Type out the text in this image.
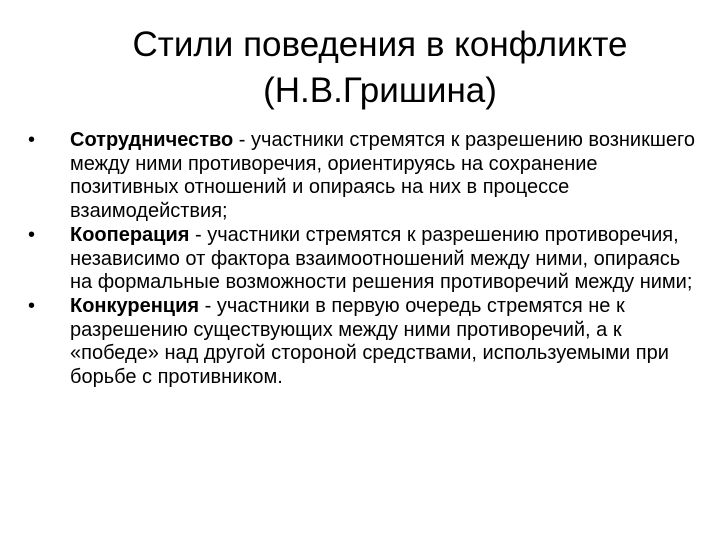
Стили поведения в конфликте
(Н.В.Гришина)
•	Сотрудничество - участники стремятся к разрешению возникшего между ними противоречия, ориентируясь на сохранение позитивных отношений и опираясь на них в процессе взаимодействия;
•	Кооперация - участники стремятся к разрешению противоречия, независимо от фактора взаимоотношений между ними, опираясь на формальные возможности решения противоречий между ними;
•	Конкуренция - участники в первую очередь стремятся не к разрешению существующих между ними противоречий, а к «победе» над другой стороной средствами, используемыми при борьбе с противником.
